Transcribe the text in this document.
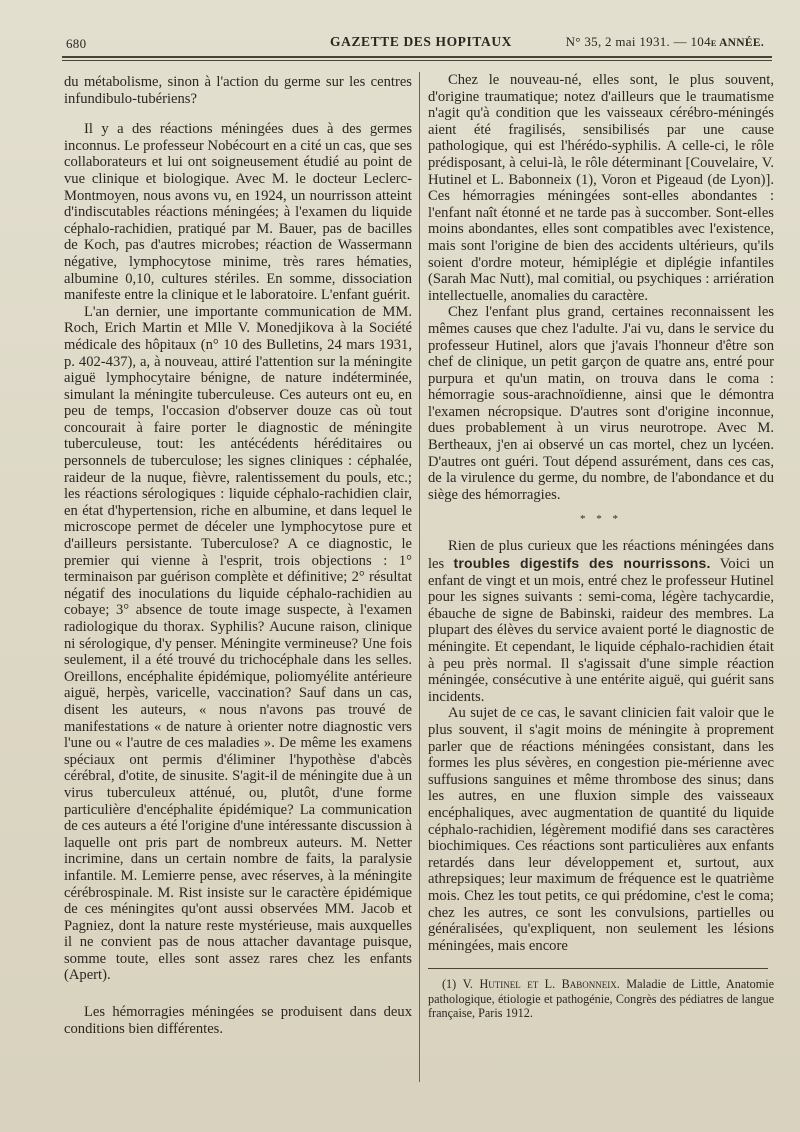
680	GAZETTE DES HOPITAUX	N° 35, 2 mai 1931. — 104e ANNÉE.

du métabolisme, sinon à l'action du germe sur les centres infundibulo-tubériens?

Il y a des réactions méningées dues à des germes inconnus. Le professeur Nobécourt en a cité un cas, que ses collaborateurs et lui ont soigneusement étudié au point de vue clinique et biologique. Avec M. le docteur Leclerc-Montmoyen, nous avons vu, en 1924, un nourrisson atteint d'indiscutables réactions méningées; à l'examen du liquide céphalo-rachidien, pratiqué par M. Bauer, pas de bacilles de Koch, pas d'autres microbes; réaction de Wassermann négative, lymphocytose minime, très rares hématies, albumine 0,10, cultures stériles. En somme, dissociation manifeste entre la clinique et le laboratoire. L'enfant guérit.

L'an dernier, une importante communication de MM. Roch, Erich Martin et Mlle V. Monedjikova à la Société médicale des hôpitaux (n° 10 des Bulletins, 24 mars 1931, p. 402-437), a, à nouveau, attiré l'attention sur la méningite aiguë lymphocytaire bénigne, de nature indéterminée, simulant la méningite tuberculeuse. Ces auteurs ont eu, en peu de temps, l'occasion d'observer douze cas où tout concourait à faire porter le diagnostic de méningite tuberculeuse, tout: les antécédents héréditaires ou personnels de tuberculose; les signes cliniques : céphalée, raideur de la nuque, fièvre, ralentissement du pouls, etc.; les réactions sérologiques : liquide céphalo-rachidien clair, en état d'hypertension, riche en albumine, et dans lequel le microscope permet de déceler une lymphocytose pure et d'ailleurs persistante. Tuberculose? A ce diagnostic, le premier qui vienne à l'esprit, trois objections : 1° terminaison par guérison complète et définitive; 2° résultat négatif des inoculations du liquide céphalo-rachidien au cobaye; 3° absence de toute image suspecte, à l'examen radiologique du thorax. Syphilis? Aucune raison, clinique ni sérologique, d'y penser. Méningite vermineuse? Une fois seulement, il a été trouvé du trichocéphale dans les selles. Oreillons, encéphalite épidémique, poliomyélite antérieure aiguë, herpès, varicelle, vaccination? Sauf dans un cas, disent les auteurs, « nous n'avons pas trouvé de manifestations « de nature à orienter notre diagnostic vers l'une ou « l'autre de ces maladies ». De même les examens spéciaux ont permis d'éliminer l'hypothèse d'abcès cérébral, d'otite, de sinusite. S'agit-il de méningite due à un virus tuberculeux atténué, ou, plutôt, d'une forme particulière d'encéphalite épidémique? La communication de ces auteurs a été l'origine d'une intéressante discussion à laquelle ont pris part de nombreux auteurs. M. Netter incrimine, dans un certain nombre de faits, la paralysie infantile. M. Lemierre pense, avec réserves, à la méningite cérébrospinale. M. Rist insiste sur le caractère épidémique de ces méningites qu'ont aussi observées MM. Jacob et Pagniez, dont la nature reste mystérieuse, mais auxquelles il ne convient pas de nous attacher davantage puisque, somme toute, elles sont assez rares chez les enfants (Apert).

Les hémorragies méningées se produisent dans deux conditions bien différentes.

Chez le nouveau-né, elles sont, le plus souvent, d'origine traumatique; notez d'ailleurs que le traumatisme n'agit qu'à condition que les vaisseaux cérébro-méningés aient été fragilisés, sensibilisés par une cause pathologique, qui est l'hérédo-syphilis. A celle-ci, le rôle prédisposant, à celui-là, le rôle déterminant [Couvelaire, V. Hutinel et L. Babonneix (1), Voron et Pigeaud (de Lyon)]. Ces hémorragies méningées sont-elles abondantes : l'enfant naît étonné et ne tarde pas à succomber. Sont-elles moins abondantes, elles sont compatibles avec l'existence, mais sont l'origine de bien des accidents ultérieurs, qu'ils soient d'ordre moteur, hémiplégie et diplégie infantiles (Sarah Mac Nutt), mal comitial, ou psychiques : arriération intellectuelle, anomalies du caractère.

Chez l'enfant plus grand, certaines reconnaissent les mêmes causes que chez l'adulte. J'ai vu, dans le service du professeur Hutinel, alors que j'avais l'honneur d'être son chef de clinique, un petit garçon de quatre ans, entré pour purpura et qu'un matin, on trouva dans le coma : hémorragie sous-arachnoïdienne, ainsi que le démontra l'examen nécropsique. D'autres sont d'origine inconnue, dues probablement à un virus neurotrope. Avec M. Bertheaux, j'en ai observé un cas mortel, chez un lycéen. D'autres ont guéri. Tout dépend assurément, dans ces cas, de la virulence du germe, du nombre, de l'abondance et du siège des hémorragies.

* * *

Rien de plus curieux que les réactions méningées dans les troubles digestifs des nourrissons. Voici un enfant de vingt et un mois, entré chez le professeur Hutinel pour les signes suivants : semi-coma, légère tachycardie, ébauche de signe de Babinski, raideur des membres. La plupart des élèves du service avaient porté le diagnostic de méningite. Et cependant, le liquide céphalo-rachidien était à peu près normal. Il s'agissait d'une simple réaction méningée, consécutive à une entérite aiguë, qui guérit sans incidents.

Au sujet de ce cas, le savant clinicien fait valoir que le plus souvent, il s'agit moins de méningite à proprement parler que de réactions méningées consistant, dans les formes les plus sévères, en congestion pie-mérienne avec suffusions sanguines et même thrombose des sinus; dans les autres, en une fluxion simple des vaisseaux encéphaliques, avec augmentation de quantité du liquide céphalo-rachidien, légèrement modifié dans ses caractères biochimiques. Ces réactions sont particulières aux enfants retardés dans leur développement et, surtout, aux athrepsiques; leur maximum de fréquence est le quatrième mois. Chez les tout petits, ce qui prédomine, c'est le coma; chez les autres, ce sont les convulsions, partielles ou généralisées, qu'expliquent, non seulement les lésions méningées, mais encore

(1) V. Hutinel et L. Babonneix. Maladie de Little, Anatomie pathologique, étiologie et pathogénie, Congrès des pédiatres de langue française, Paris 1912.
